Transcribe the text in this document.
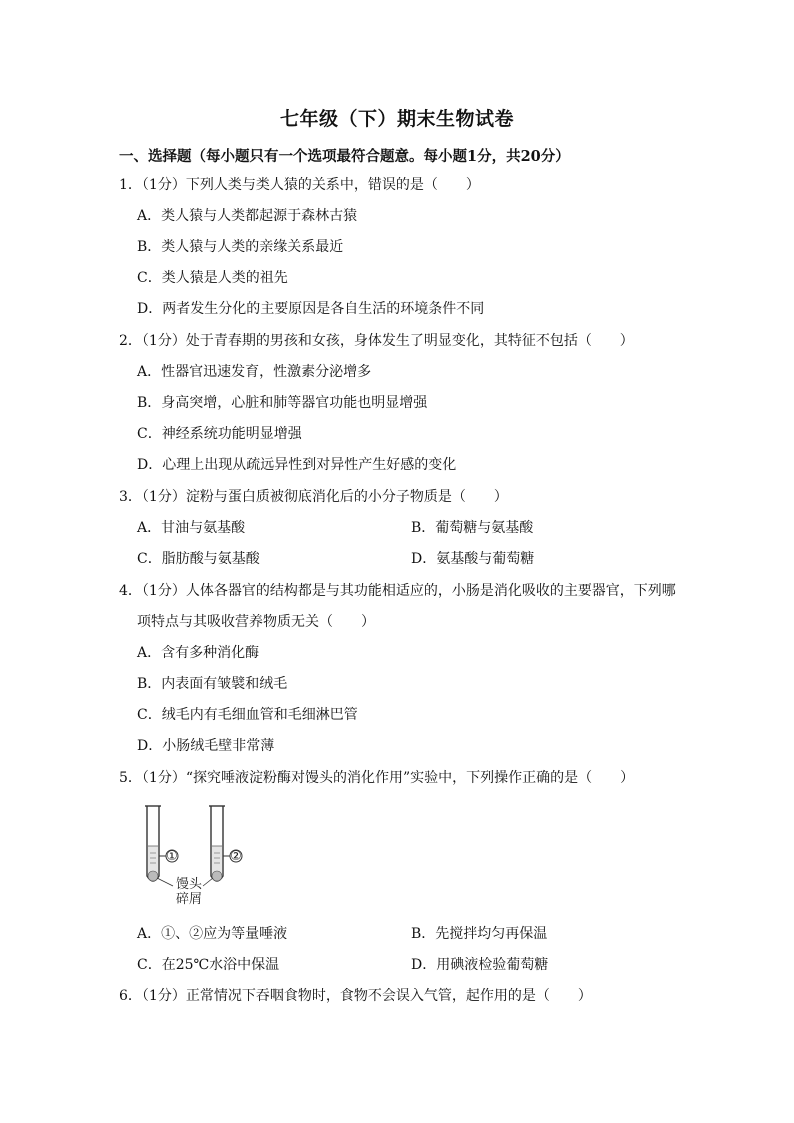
七年级（下）期末生物试卷
一、选择题（每小题只有一个选项最符合题意。每小题1分，共20分）
1．（1分）下列人类与类人猿的关系中，错误的是（　　）
A．类人猿与人类都起源于森林古猿
B．类人猿与人类的亲缘关系最近
C．类人猿是人类的祖先
D．两者发生分化的主要原因是各自生活的环境条件不同
2．（1分）处于青春期的男孩和女孩，身体发生了明显变化，其特征不包括（　　）
A．性器官迅速发育，性激素分泌增多
B．身高突增，心脏和肺等器官功能也明显增强
C．神经系统功能明显增强
D．心理上出现从疏远异性到对异性产生好感的变化
3．（1分）淀粉与蛋白质被彻底消化后的小分子物质是（　　）
A．甘油与氨基酸	B．葡萄糖与氨基酸
C．脂肪酸与氨基酸	D．氨基酸与葡萄糖
4．（1分）人体各器官的结构都是与其功能相适应的，小肠是消化吸收的主要器官，下列哪
项特点与其吸收营养物质无关（　　）
A．含有多种消化酶
B．内表面有皱襞和绒毛
C．绒毛内有毛细血管和毛细淋巴管
D．小肠绒毛壁非常薄
5．（1分）“探究唾液淀粉酶对馒头的消化作用”实验中，下列操作正确的是（　　）
①	②
馒头
碎屑
A．①、②应为等量唾液	B．先搅拌均匀再保温
C．在25℃水浴中保温	D．用碘液检验葡萄糖
6．（1分）正常情况下吞咽食物时，食物不会误入气管，起作用的是（　　）
